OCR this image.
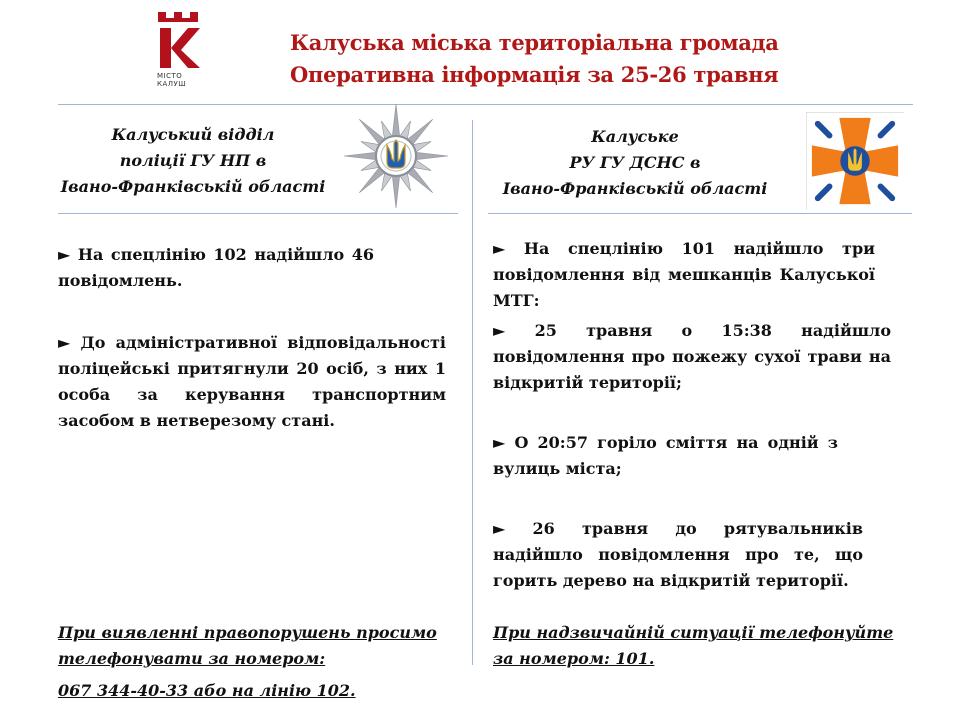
МІСТО
КАЛУШ
Калуська міська територіальна громада
Оперативна інформація за 25-26 травня
Калуський відділ
поліції ГУ НП в
Івано-Франківській області
► На спецлінію 102 надійшло 46 повідомлень.
► До адміністративної відповідальності поліцейські притягнули 20 осіб, з них 1 особа за керування транспортним засобом в нетверезому стані.
При виявленні правопорушень просимо телефонувати за номером:
067 344-40-33 або на лінію 102.
Калуське
РУ ГУ ДСНС в
Івано-Франківській області
► На спецлінію 101 надійшло три повідомлення від мешканців Калуської МТГ:
► 25 травня о 15:38 надійшло повідомлення про пожежу сухої трави на відкритій території;
► О 20:57 горіло сміття на одній з вулиць міста;
► 26 травня до рятувальників надійшло повідомлення про те, що горить дерево на відкритій території.
При надзвичайній ситуації телефонуйте за номером: 101.
